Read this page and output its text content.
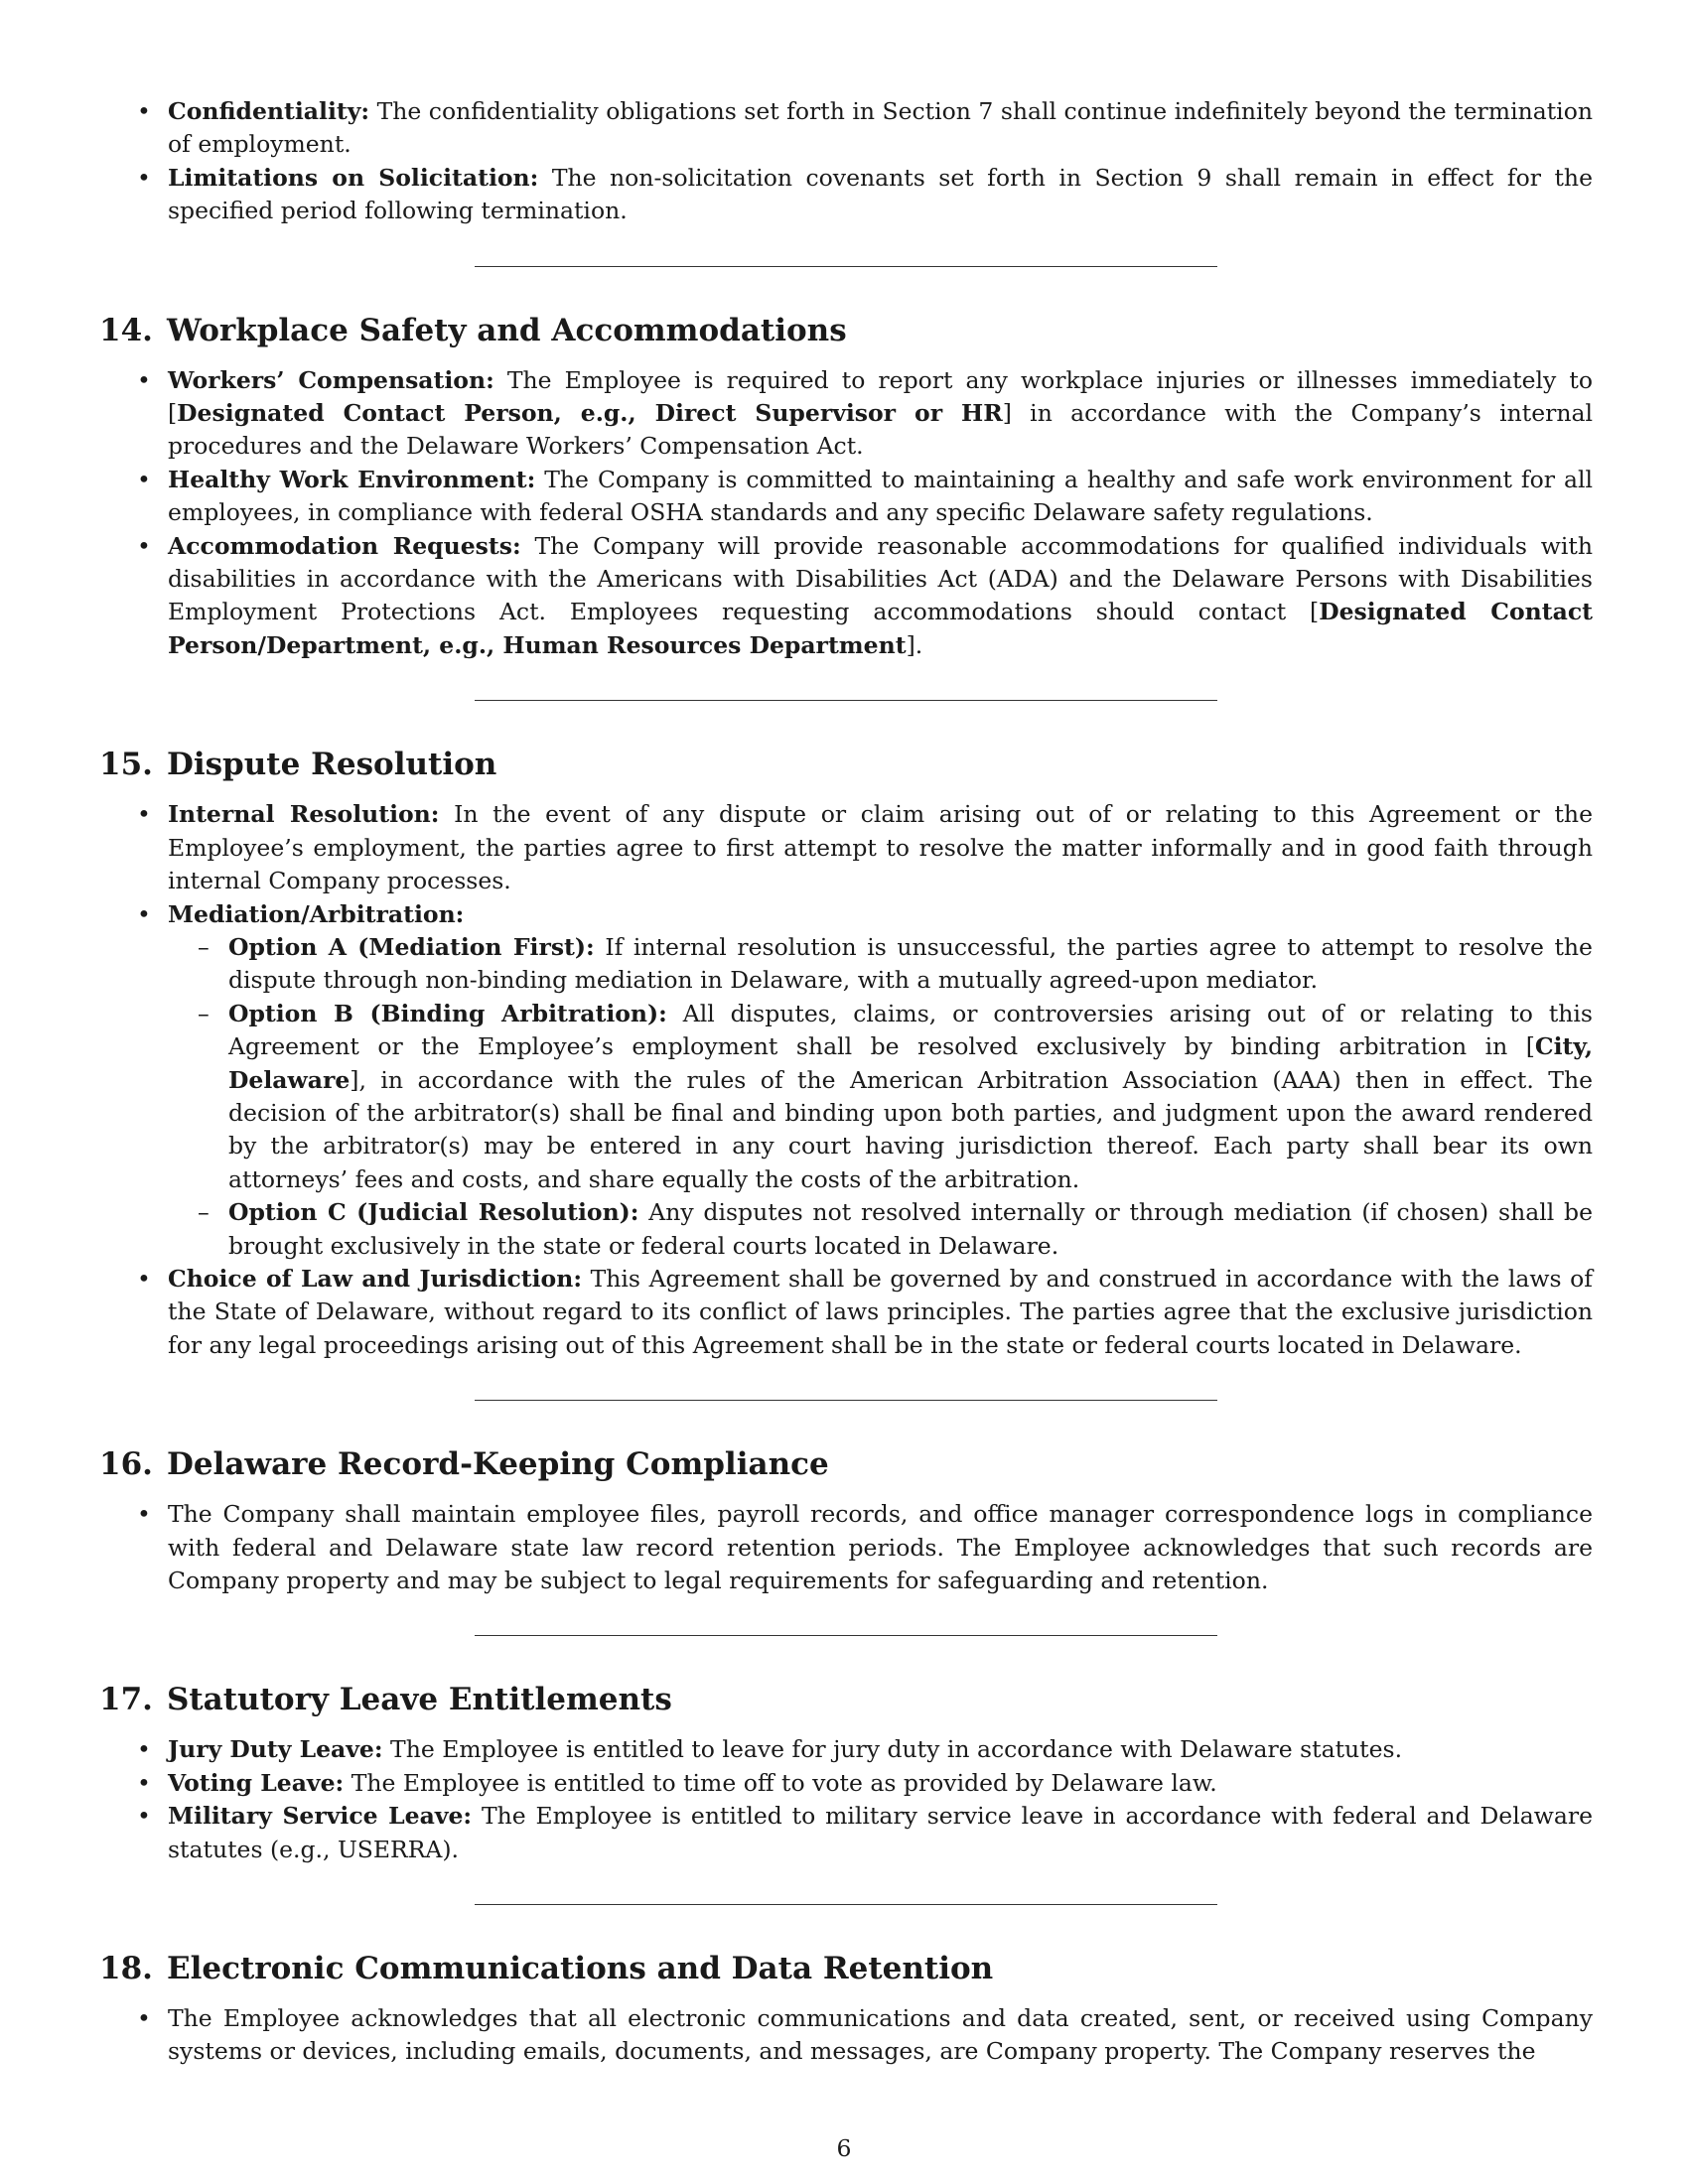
• Confidentiality: The confidentiality obligations set forth in Section 7 shall continue indefinitely beyond the termination of employment.
• Limitations on Solicitation: The non-solicitation covenants set forth in Section 9 shall remain in effect for the specified period following termination.
14. Workplace Safety and Accommodations
• Workers’ Compensation: The Employee is required to report any workplace injuries or illnesses immediately to [Designated Contact Person, e.g., Direct Supervisor or HR] in accordance with the Company’s internal procedures and the Delaware Workers’ Compensation Act.
• Healthy Work Environment: The Company is committed to maintaining a healthy and safe work environment for all employees, in compliance with federal OSHA standards and any specific Delaware safety regulations.
• Accommodation Requests: The Company will provide reasonable accommodations for qualified individuals with disabilities in accordance with the Americans with Disabilities Act (ADA) and the Delaware Persons with Disabilities Employment Protections Act. Employees requesting accommodations should contact [Designated Contact Person/Department, e.g., Human Resources Department].
15. Dispute Resolution
• Internal Resolution: In the event of any dispute or claim arising out of or relating to this Agreement or the Employee’s employment, the parties agree to first attempt to resolve the matter informally and in good faith through internal Company processes.
• Mediation/Arbitration:
– Option A (Mediation First): If internal resolution is unsuccessful, the parties agree to attempt to resolve the dispute through non-binding mediation in Delaware, with a mutually agreed-upon mediator.
– Option B (Binding Arbitration): All disputes, claims, or controversies arising out of or relating to this Agreement or the Employee’s employment shall be resolved exclusively by binding arbitration in [City, Delaware], in accordance with the rules of the American Arbitration Association (AAA) then in effect. The decision of the arbitrator(s) shall be final and binding upon both parties, and judgment upon the award rendered by the arbitrator(s) may be entered in any court having jurisdiction thereof. Each party shall bear its own attorneys’ fees and costs, and share equally the costs of the arbitration.
– Option C (Judicial Resolution): Any disputes not resolved internally or through mediation (if chosen) shall be brought exclusively in the state or federal courts located in Delaware.
• Choice of Law and Jurisdiction: This Agreement shall be governed by and construed in accordance with the laws of the State of Delaware, without regard to its conflict of laws principles. The parties agree that the exclusive jurisdiction for any legal proceedings arising out of this Agreement shall be in the state or federal courts located in Delaware.
16. Delaware Record-Keeping Compliance
• The Company shall maintain employee files, payroll records, and office manager correspondence logs in compliance with federal and Delaware state law record retention periods. The Employee acknowledges that such records are Company property and may be subject to legal requirements for safeguarding and retention.
17. Statutory Leave Entitlements
• Jury Duty Leave: The Employee is entitled to leave for jury duty in accordance with Delaware statutes.
• Voting Leave: The Employee is entitled to time off to vote as provided by Delaware law.
• Military Service Leave: The Employee is entitled to military service leave in accordance with federal and Delaware statutes (e.g., USERRA).
18. Electronic Communications and Data Retention
• The Employee acknowledges that all electronic communications and data created, sent, or received using Company systems or devices, including emails, documents, and messages, are Company property. The Company reserves the
6
